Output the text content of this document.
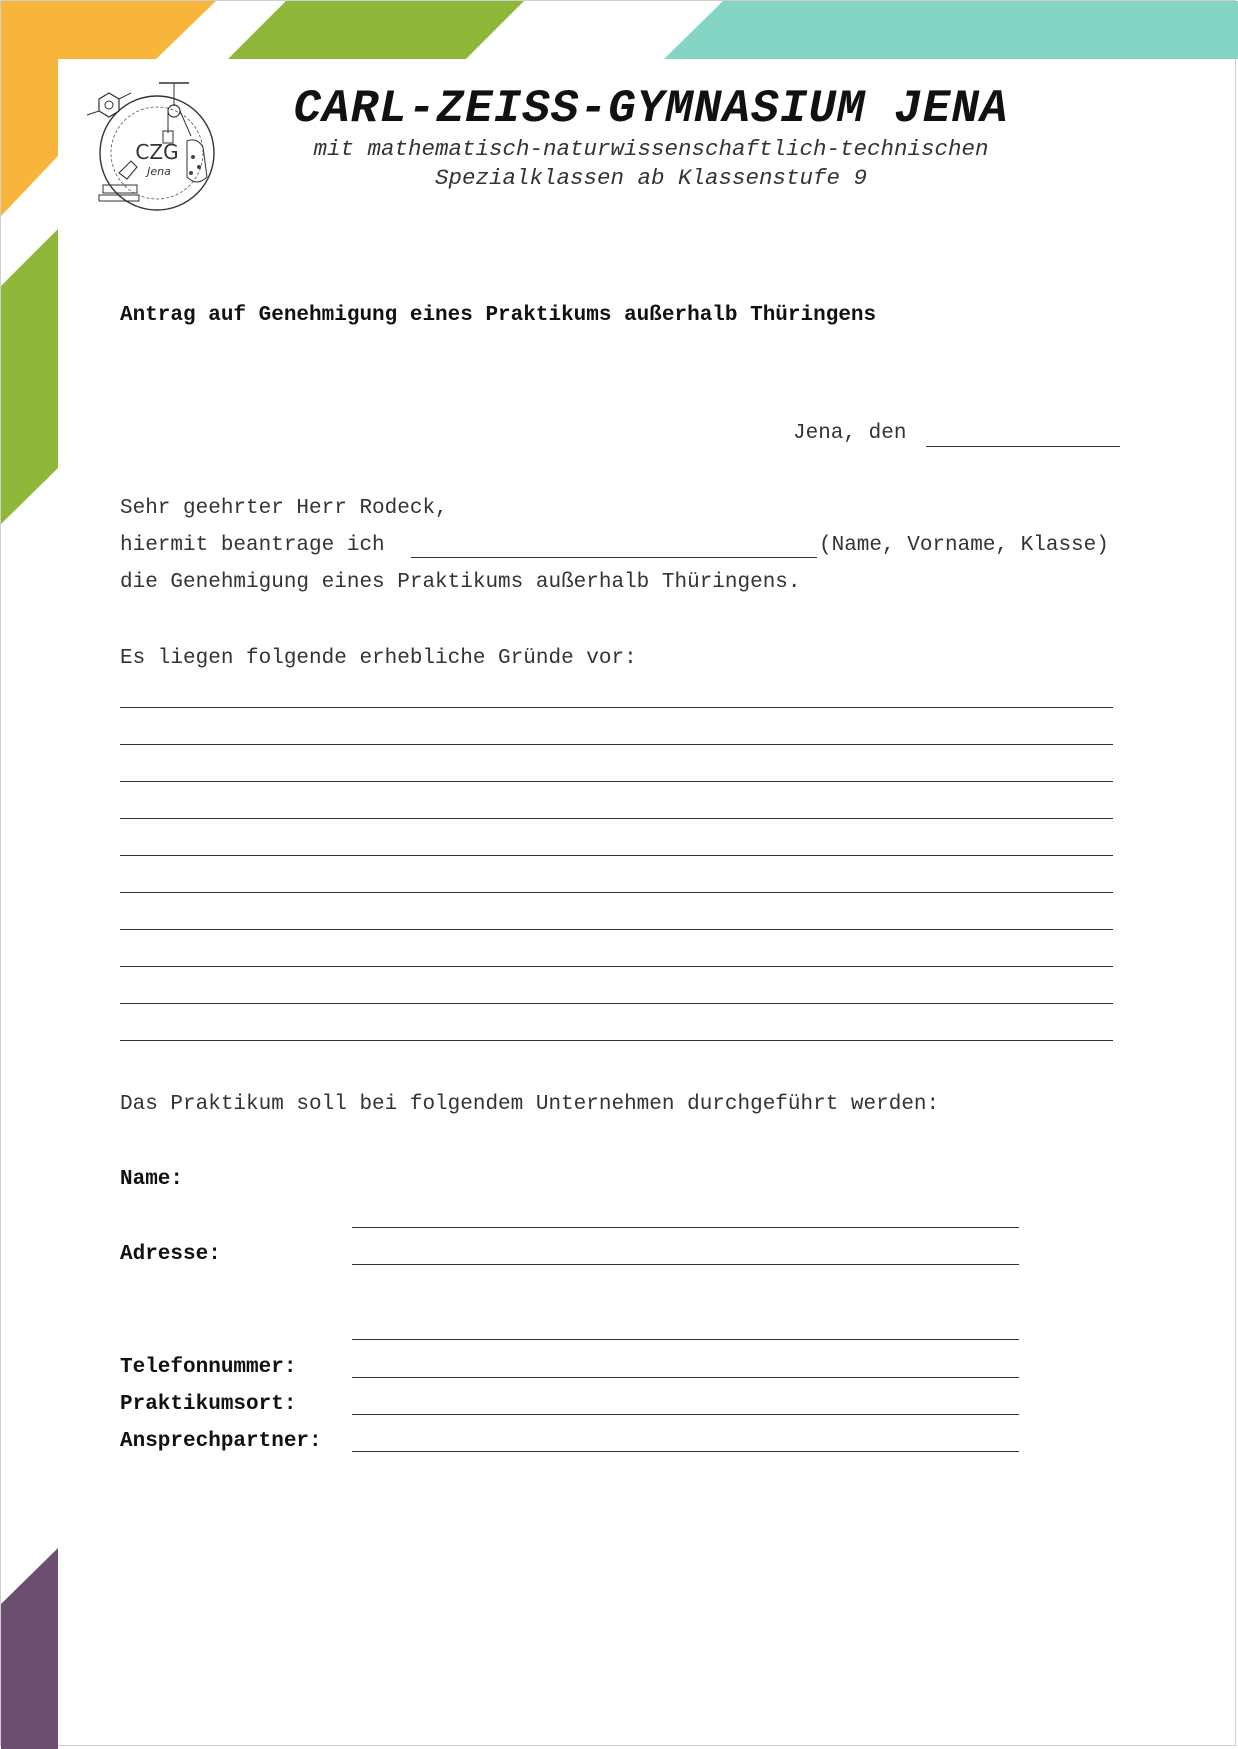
CZG
Jena
CARL-ZEISS-GYMNASIUM JENA
mit mathematisch-naturwissenschaftlich-technischen
Spezialklassen ab Klassenstufe 9
Antrag auf Genehmigung eines Praktikums außerhalb Thüringens
Jena, den
Sehr geehrter Herr Rodeck,
hiermit beantrage ich	(Name, Vorname, Klasse)
die Genehmigung eines Praktikums außerhalb Thüringens.
Es liegen folgende erhebliche Gründe vor:
Das Praktikum soll bei folgendem Unternehmen durchgeführt werden:
Name:
Adresse:
Telefonnummer:
Praktikumsort:
Ansprechpartner:
